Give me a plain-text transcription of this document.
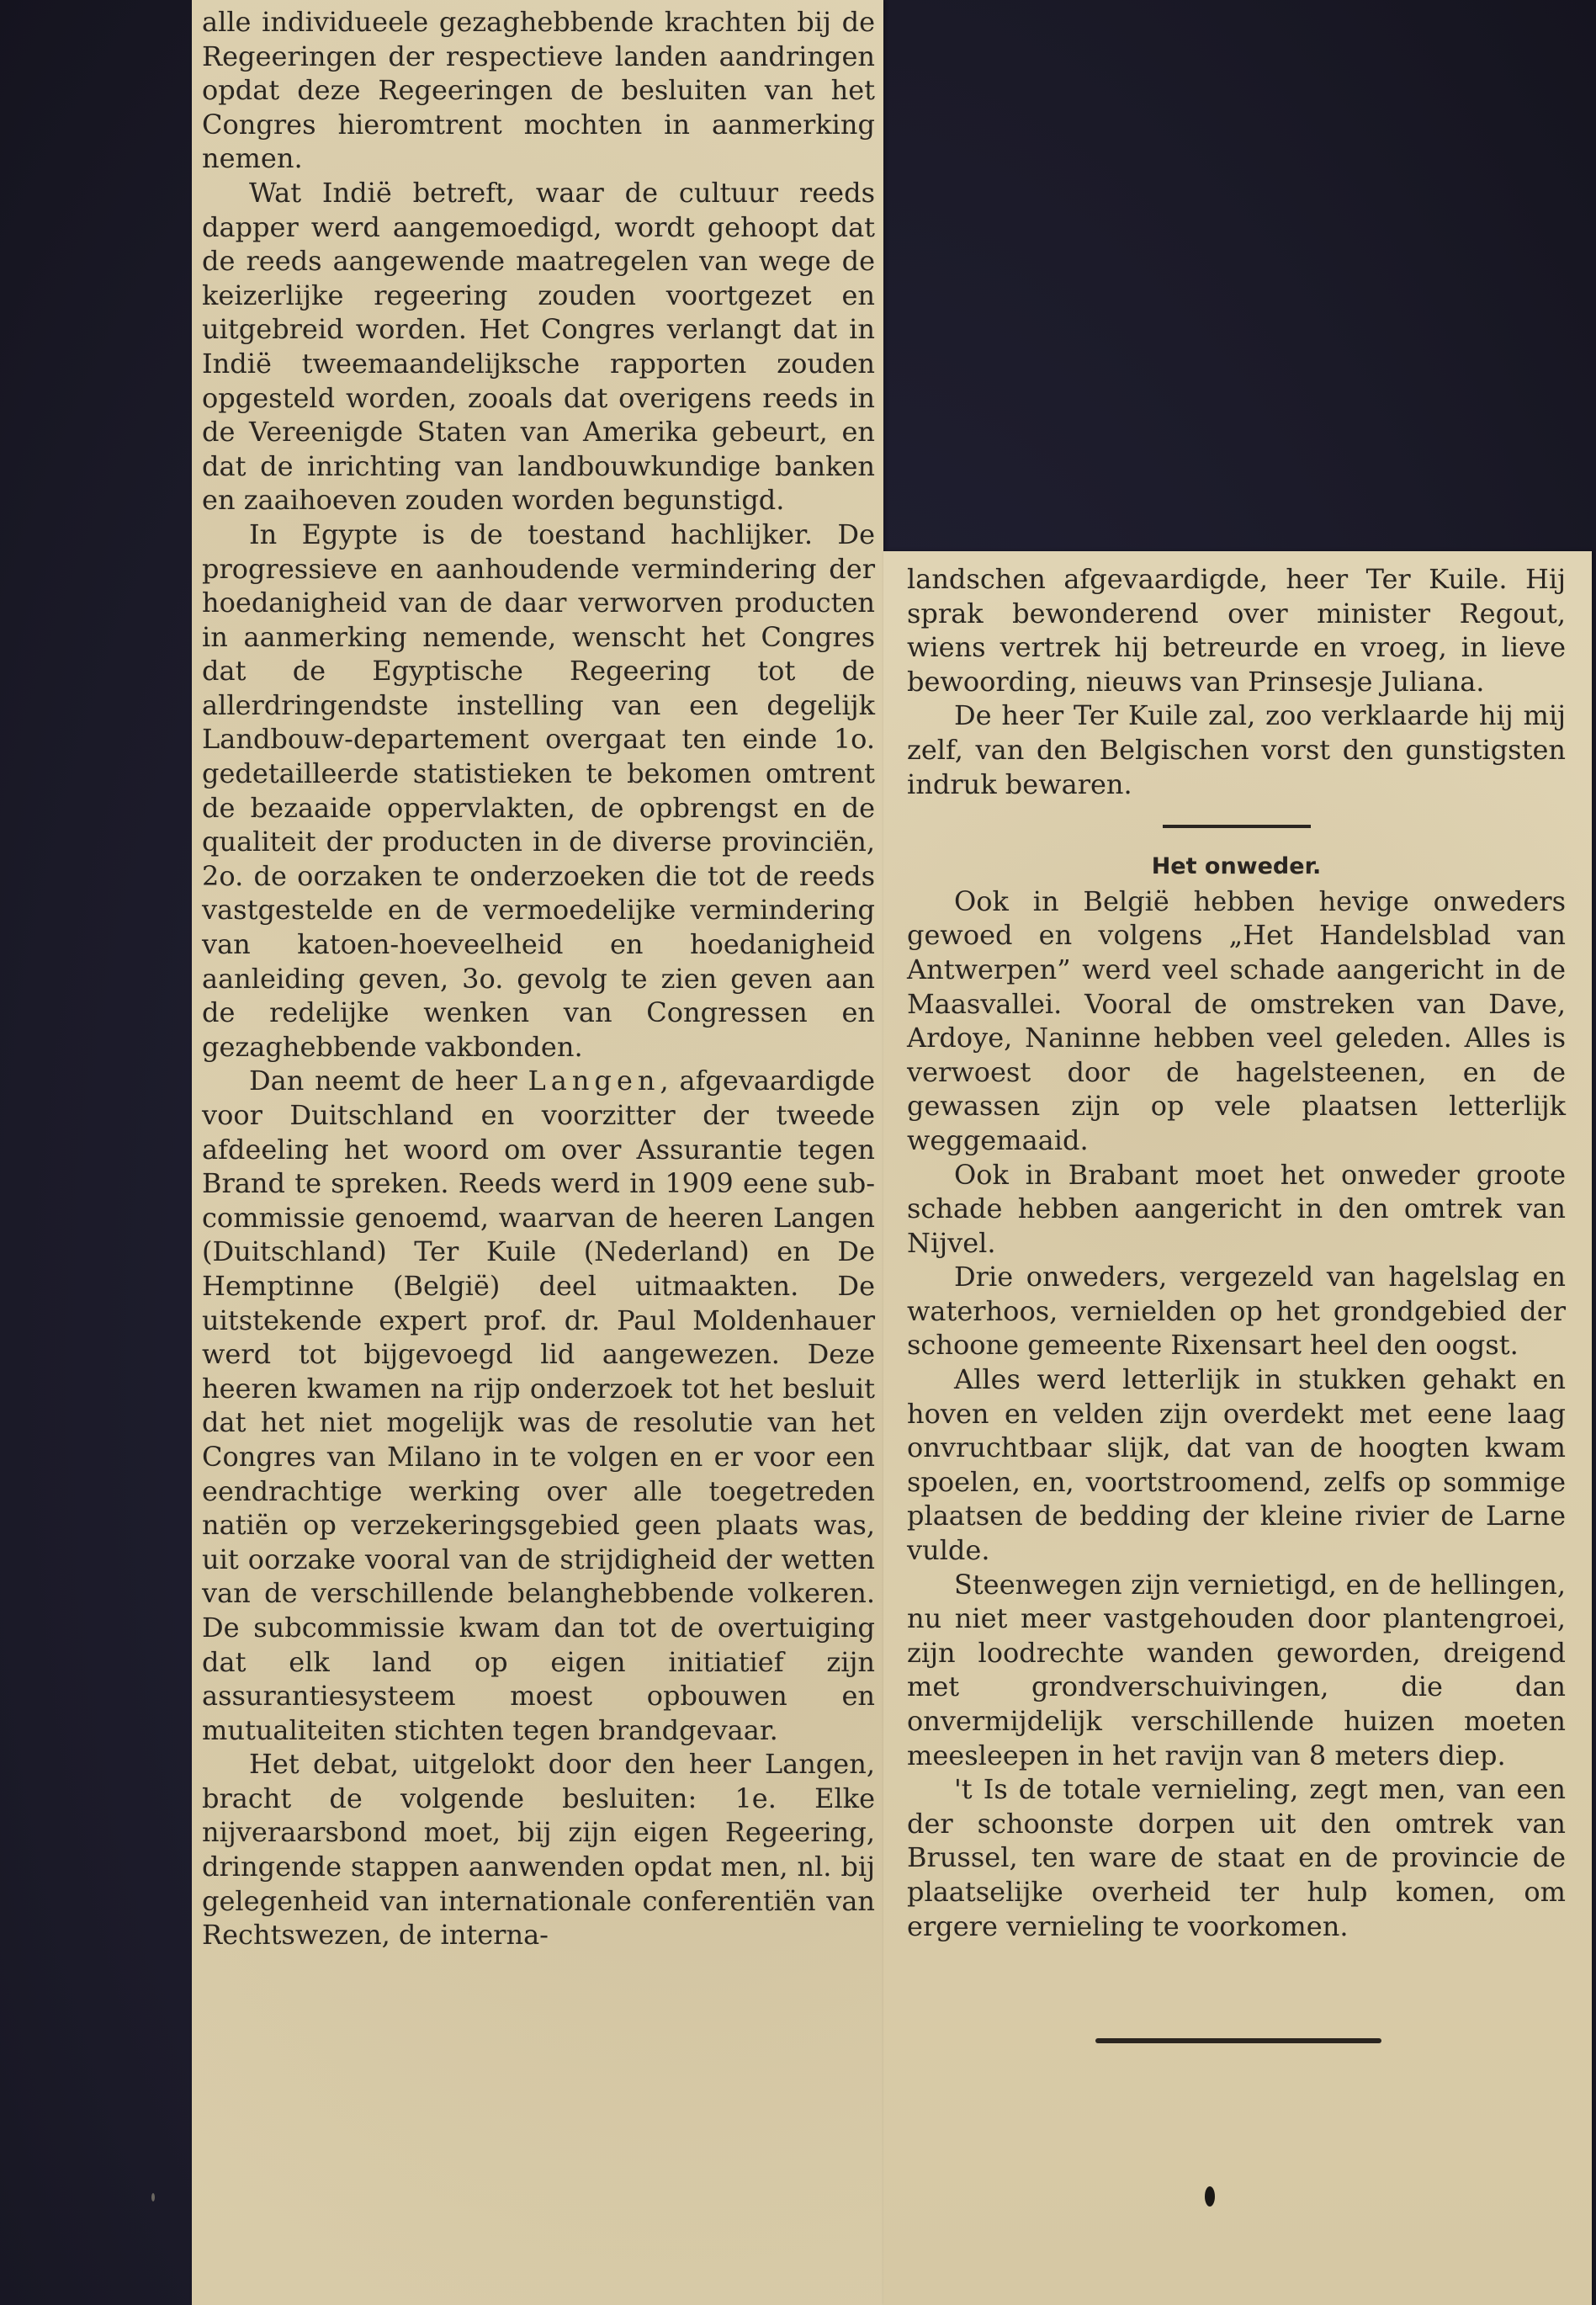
alle individueele gezaghebbende krachten bij de Regeeringen der respectieve landen aandringen opdat deze Regeeringen de besluiten van het Congres hieromtrent mochten in aanmerking nemen.

Wat Indië betreft, waar de cultuur reeds dapper werd aangemoedigd, wordt gehoopt dat de reeds aangewende maatregelen van wege de keizerlijke regeering zouden voortgezet en uitgebreid worden. Het Congres verlangt dat in Indië tweemaandelijksche rapporten zouden opgesteld worden, zooals dat overigens reeds in de Vereenigde Staten van Amerika gebeurt, en dat de inrichting van landbouwkundige banken en zaaihoeven zouden worden begunstigd.

In Egypte is de toestand hachlijker. De progressieve en aanhoudende vermindering der hoedanigheid van de daar verworven producten in aanmerking nemende, wenscht het Congres dat de Egyptische Regeering tot de allerdringendste instelling van een degelijk Landbouw-departement overgaat ten einde 1o. gedetailleerde statistieken te bekomen omtrent de bezaaide oppervlakten, de opbrengst en de qualiteit der producten in de diverse provinciën, 2o. de oorzaken te onderzoeken die tot de reeds vastgestelde en de vermoedelijke vermindering van katoen-hoeveelheid en hoedanigheid aanleiding geven, 3o. gevolg te zien geven aan de redelijke wenken van Congressen en gezaghebbende vakbonden.

Dan neemt de heer Langen, afgevaardigde voor Duitschland en voorzitter der tweede afdeeling het woord om over Assurantie tegen Brand te spreken. Reeds werd in 1909 eene sub-commissie genoemd, waarvan de heeren Langen (Duitschland) Ter Kuile (Nederland) en De Hemptinne (België) deel uitmaakten. De uitstekende expert prof. dr. Paul Moldenhauer werd tot bijgevoegd lid aangewezen. Deze heeren kwamen na rijp onderzoek tot het besluit dat het niet mogelijk was de resolutie van het Congres van Milano in te volgen en er voor een eendrachtige werking over alle toegetreden natiën op verzekeringsgebied geen plaats was, uit oorzake vooral van de strijdigheid der wetten van de verschillende belanghebbende volkeren. De subcommissie kwam dan tot de overtuiging dat elk land op eigen initiatief zijn assurantiesysteem moest opbouwen en mutualiteiten stichten tegen brandgevaar.

Het debat, uitgelokt door den heer Langen, bracht de volgende besluiten: 1e. Elke nijveraarsbond moet, bij zijn eigen Regeering, dringende stappen aanwenden opdat men, nl. bij gelegenheid van internationale conferentiën van Rechtswezen, de interna-

landschen afgevaardigde, heer Ter Kuile. Hij sprak bewonderend over minister Regout, wiens vertrek hij betreurde en vroeg, in lieve bewoording, nieuws van Prinsesje Juliana.

De heer Ter Kuile zal, zoo verklaarde hij mij zelf, van den Belgischen vorst den gunstigsten indruk bewaren.

Het onweder.

Ook in België hebben hevige onweders gewoed en volgens „Het Handelsblad van Antwerpen” werd veel schade aangericht in de Maasvallei. Vooral de omstreken van Dave, Ardoye, Naninne hebben veel geleden. Alles is verwoest door de hagelsteenen, en de gewassen zijn op vele plaatsen letterlijk weggemaaid.

Ook in Brabant moet het onweder groote schade hebben aangericht in den omtrek van Nijvel.

Drie onweders, vergezeld van hagelslag en waterhoos, vernielden op het grondgebied der schoone gemeente Rixensart heel den oogst.

Alles werd letterlijk in stukken gehakt en hoven en velden zijn overdekt met eene laag onvruchtbaar slijk, dat van de hoogten kwam spoelen, en, voortstroomend, zelfs op sommige plaatsen de bedding der kleine rivier de Larne vulde.

Steenwegen zijn vernietigd, en de hellingen, nu niet meer vastgehouden door plantengroei, zijn loodrechte wanden geworden, dreigend met grondverschuivingen, die dan onvermijdelijk verschillende huizen moeten meesleepen in het ravijn van 8 meters diep.

't Is de totale vernieling, zegt men, van een der schoonste dorpen uit den omtrek van Brussel, ten ware de staat en de provincie de plaatselijke overheid ter hulp komen, om ergere vernieling te voorkomen.
